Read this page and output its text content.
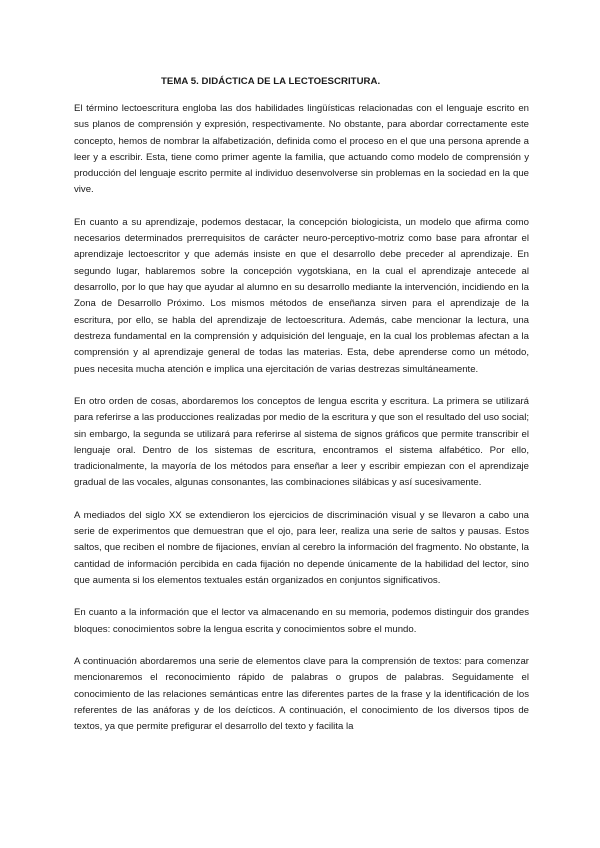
TEMA 5. DIDÁCTICA DE LA LECTOESCRITURA.

El término lectoescritura engloba las dos habilidades lingüísticas relacionadas con el lenguaje escrito en sus planos de comprensión y expresión, respectivamente. No obstante, para abordar correctamente este concepto, hemos de nombrar la alfabetización, definida como el proceso en el que una persona aprende a leer y a escribir. Esta, tiene como primer agente la familia, que actuando como modelo de comprensión y producción del lenguaje escrito permite al individuo desenvolverse sin problemas en la sociedad en la que vive.

En cuanto a su aprendizaje, podemos destacar, la concepción biologicista, un modelo que afirma como necesarios determinados prerrequisitos de carácter neuro-perceptivo-motriz como base para afrontar el aprendizaje lectoescritor y que además insiste en que el desarrollo debe preceder al aprendizaje. En segundo lugar, hablaremos sobre la concepción vygotskiana, en la cual el aprendizaje antecede al desarrollo, por lo que hay que ayudar al alumno en su desarrollo mediante la intervención, incidiendo en la Zona de Desarrollo Próximo. Los mismos métodos de enseñanza sirven para el aprendizaje de la escritura, por ello, se habla del aprendizaje de lectoescritura. Además, cabe mencionar la lectura, una destreza fundamental en la comprensión y adquisición del lenguaje, en la cual los problemas afectan a la comprensión y al aprendizaje general de todas las materias. Esta, debe aprenderse como un método, pues necesita mucha atención e implica una ejercitación de varias destrezas simultáneamente.

En otro orden de cosas, abordaremos los conceptos de lengua escrita y escritura. La primera se utilizará para referirse a las producciones realizadas por medio de la escritura y que son el resultado del uso social; sin embargo, la segunda se utilizará para referirse al sistema de signos gráficos que permite transcribir el lenguaje oral. Dentro de los sistemas de escritura, encontramos el sistema alfabético. Por ello, tradicionalmente, la mayoría de los métodos para enseñar a leer y escribir empiezan con el aprendizaje gradual de las vocales, algunas consonantes, las combinaciones silábicas y así sucesivamente.

A mediados del siglo XX se extendieron los ejercicios de discriminación visual y se llevaron a cabo una serie de experimentos que demuestran que el ojo, para leer, realiza una serie de saltos y pausas. Estos saltos, que reciben el nombre de fijaciones, envían al cerebro la información del fragmento. No obstante, la cantidad de información percibida en cada fijación no depende únicamente de la habilidad del lector, sino que aumenta si los elementos textuales están organizados en conjuntos significativos.

En cuanto a la información que el lector va almacenando en su memoria, podemos distinguir dos grandes bloques: conocimientos sobre la lengua escrita y conocimientos sobre el mundo.

A continuación abordaremos una serie de elementos clave para la comprensión de textos: para comenzar mencionaremos el reconocimiento rápido de palabras o grupos de palabras. Seguidamente el conocimiento de las relaciones semánticas entre las diferentes partes de la frase y la identificación de los referentes de las anáforas y de los deícticos. A continuación, el conocimiento de los diversos tipos de textos, ya que permite prefigurar el desarrollo del texto y facilita la
